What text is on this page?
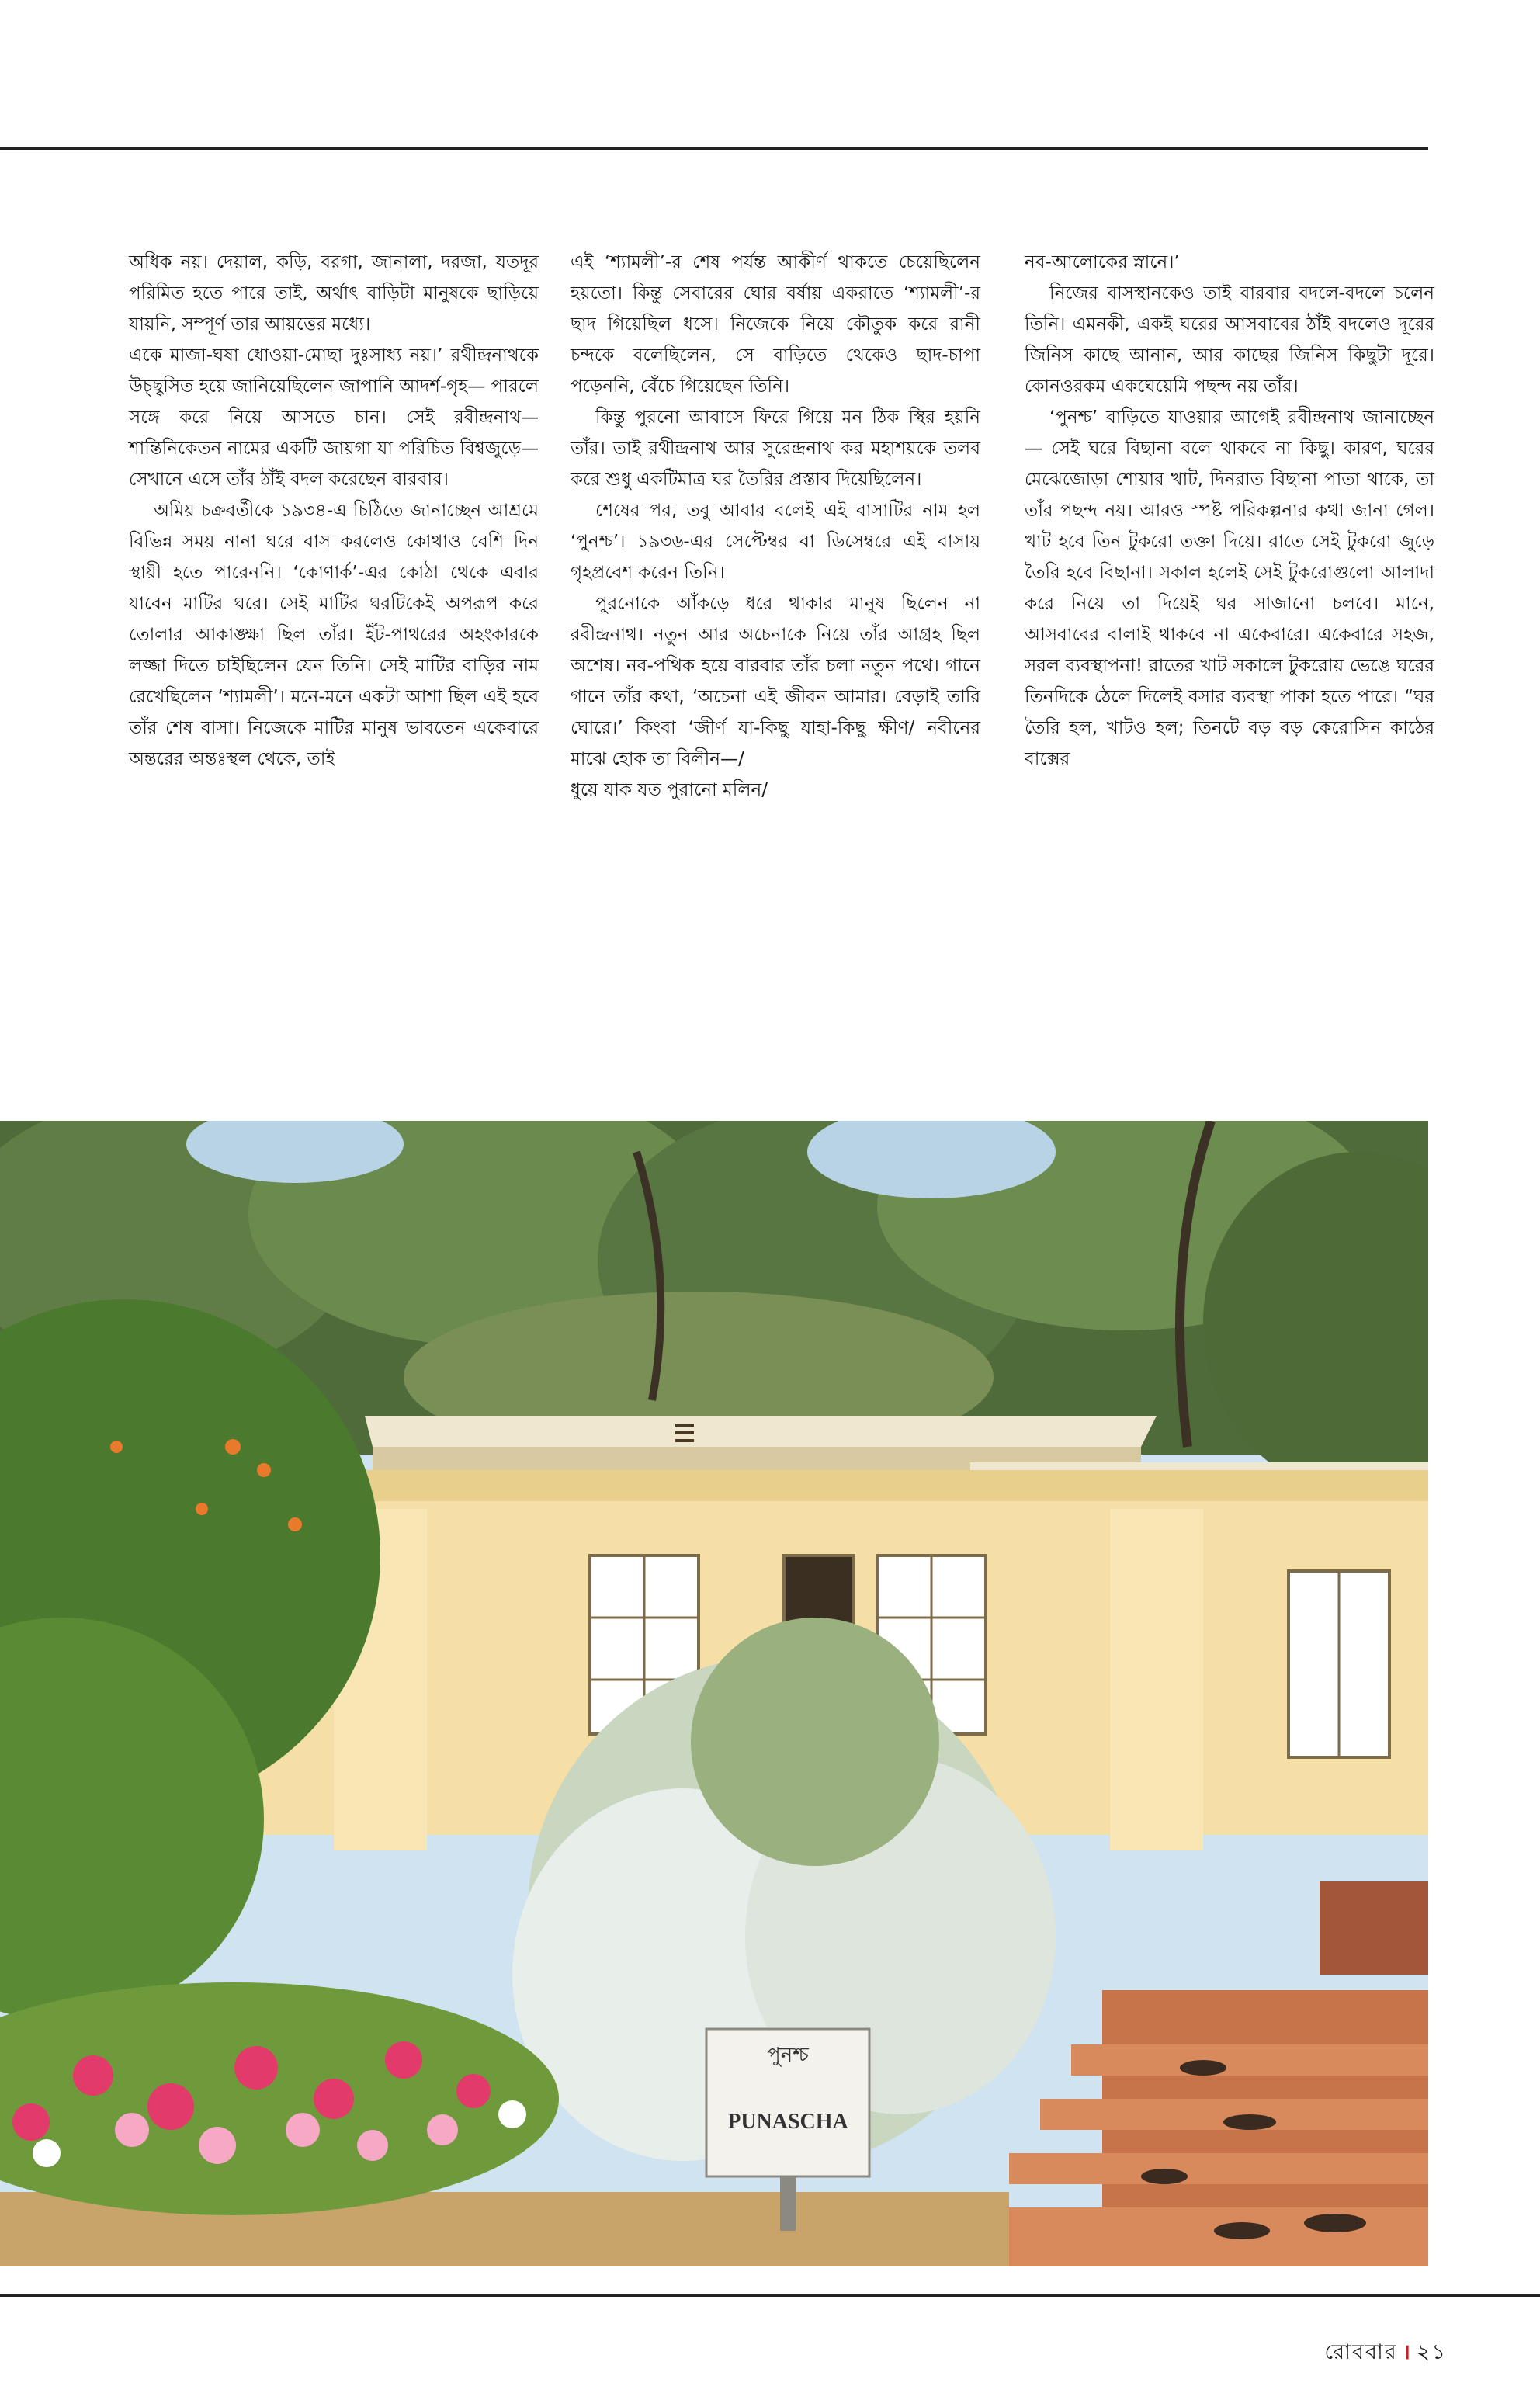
অধিক নয়। দেয়াল, কড়ি, বরগা, জানালা, দরজা, যতদূর পরিমিত হতে পারে তাই, অর্থাৎ বাড়িটা মানুষকে ছাড়িয়ে যায়নি, সম্পূর্ণ তার আয়ত্তের মধ্যে।

একে মাজা-ঘষা ধোওয়া-মোছা দুঃসাধ্য নয়।’ রথীন্দ্রনাথকে উচ্ছ্বসিত হয়ে জানিয়েছিলেন জাপানি আদর্শ-গৃহ— পারলে সঙ্গে করে নিয়ে আসতে চান। সেই রবীন্দ্রনাথ— শান্তিনিকেতন নামের একটি জায়গা যা পরিচিত বিশ্বজুড়ে— সেখানে এসে তাঁর ঠাঁই বদল করেছেন বারবার।

অমিয় চক্রবর্তীকে ১৯৩৪-এ চিঠিতে জানাচ্ছেন আশ্রমে বিভিন্ন সময় নানা ঘরে বাস করলেও কোথাও বেশি দিন স্থায়ী হতে পারেননি। ‘কোণার্ক’-এর কোঠা থেকে এবার যাবেন মাটির ঘরে। সেই মাটির ঘরটিকেই অপরূপ করে তোলার আকাঙ্ক্ষা ছিল তাঁর। ইঁট-পাথরের অহংকারকে লজ্জা দিতে চাইছিলেন যেন তিনি। সেই মাটির বাড়ির নাম রেখেছিলেন ‘শ্যামলী’। মনে-মনে একটা আশা ছিল এই হবে তাঁর শেষ বাসা। নিজেকে মাটির মানুষ ভাবতেন একেবারে অন্তরের অন্তঃস্থল থেকে, তাই

এই ‘শ্যামলী’-র শেষ পর্যন্ত আকীর্ণ থাকতে চেয়েছিলেন হয়তো। কিন্তু সেবারের ঘোর বর্ষায় একরাতে ‘শ্যামলী’-র ছাদ গিয়েছিল ধসে। নিজেকে নিয়ে কৌতুক করে রানী চন্দকে বলেছিলেন, সে বাড়িতে থেকেও ছাদ-চাপা পড়েননি, বেঁচে গিয়েছেন তিনি।

কিন্তু পুরনো আবাসে ফিরে গিয়ে মন ঠিক স্থির হয়নি তাঁর। তাই রথীন্দ্রনাথ আর সুরেন্দ্রনাথ কর মহাশয়কে তলব করে শুধু একটিমাত্র ঘর তৈরির প্রস্তাব দিয়েছিলেন।

শেষের পর, তবু আবার বলেই এই বাসাটির নাম হল ‘পুনশ্চ’। ১৯৩৬-এর সেপ্টেম্বর বা ডিসেম্বরে এই বাসায় গৃহপ্রবেশ করেন তিনি।

পুরনোকে আঁকড়ে ধরে থাকার মানুষ ছিলেন না রবীন্দ্রনাথ। নতুন আর অচেনাকে নিয়ে তাঁর আগ্রহ ছিল অশেষ। নব-পথিক হয়ে বারবার তাঁর চলা নতুন পথে। গানে গানে তাঁর কথা, ‘অচেনা এই জীবন আমার। বেড়াই তারি ঘোরে।’ কিংবা ‘জীর্ণ যা-কিছু যাহা-কিছু ক্ষীণ/ নবীনের মাঝে হোক তা বিলীন—/

ধুয়ে যাক যত পুরানো মলিন/

নব-আলোকের স্নানে।’

নিজের বাসস্থানকেও তাই বারবার বদলে-বদলে চলেন তিনি। এমনকী, একই ঘরের আসবাবের ঠাঁই বদলেও দূরের জিনিস কাছে আনান, আর কাছের জিনিস কিছুটা দূরে। কোনওরকম একঘেয়েমি পছন্দ নয় তাঁর।

‘পুনশ্চ’ বাড়িতে যাওয়ার আগেই রবীন্দ্রনাথ জানাচ্ছেন— সেই ঘরে বিছানা বলে থাকবে না কিছু। কারণ, ঘরের মেঝেজোড়া শোয়ার খাট, দিনরাত বিছানা পাতা থাকে, তা তাঁর পছন্দ নয়। আরও স্পষ্ট পরিকল্পনার কথা জানা গেল। খাট হবে তিন টুকরো তক্তা দিয়ে। রাতে সেই টুকরো জুড়ে তৈরি হবে বিছানা। সকাল হলেই সেই টুকরোগুলো আলাদা করে নিয়ে তা দিয়েই ঘর সাজানো চলবে। মানে, আসবাবের বালাই থাকবে না একেবারে। একেবারে সহজ, সরল ব্যবস্থাপনা! রাতের খাট সকালে টুকরোয় ভেঙে ঘরের তিনদিকে ঠেলে দিলেই বসার ব্যবস্থা পাকা হতে পারে। “ঘর তৈরি হল, খাটও হল; তিনটে বড় বড় কেরোসিন কাঠের বাক্সের

পুনশ্চ
PUNASCHA
রোববার । ২১
